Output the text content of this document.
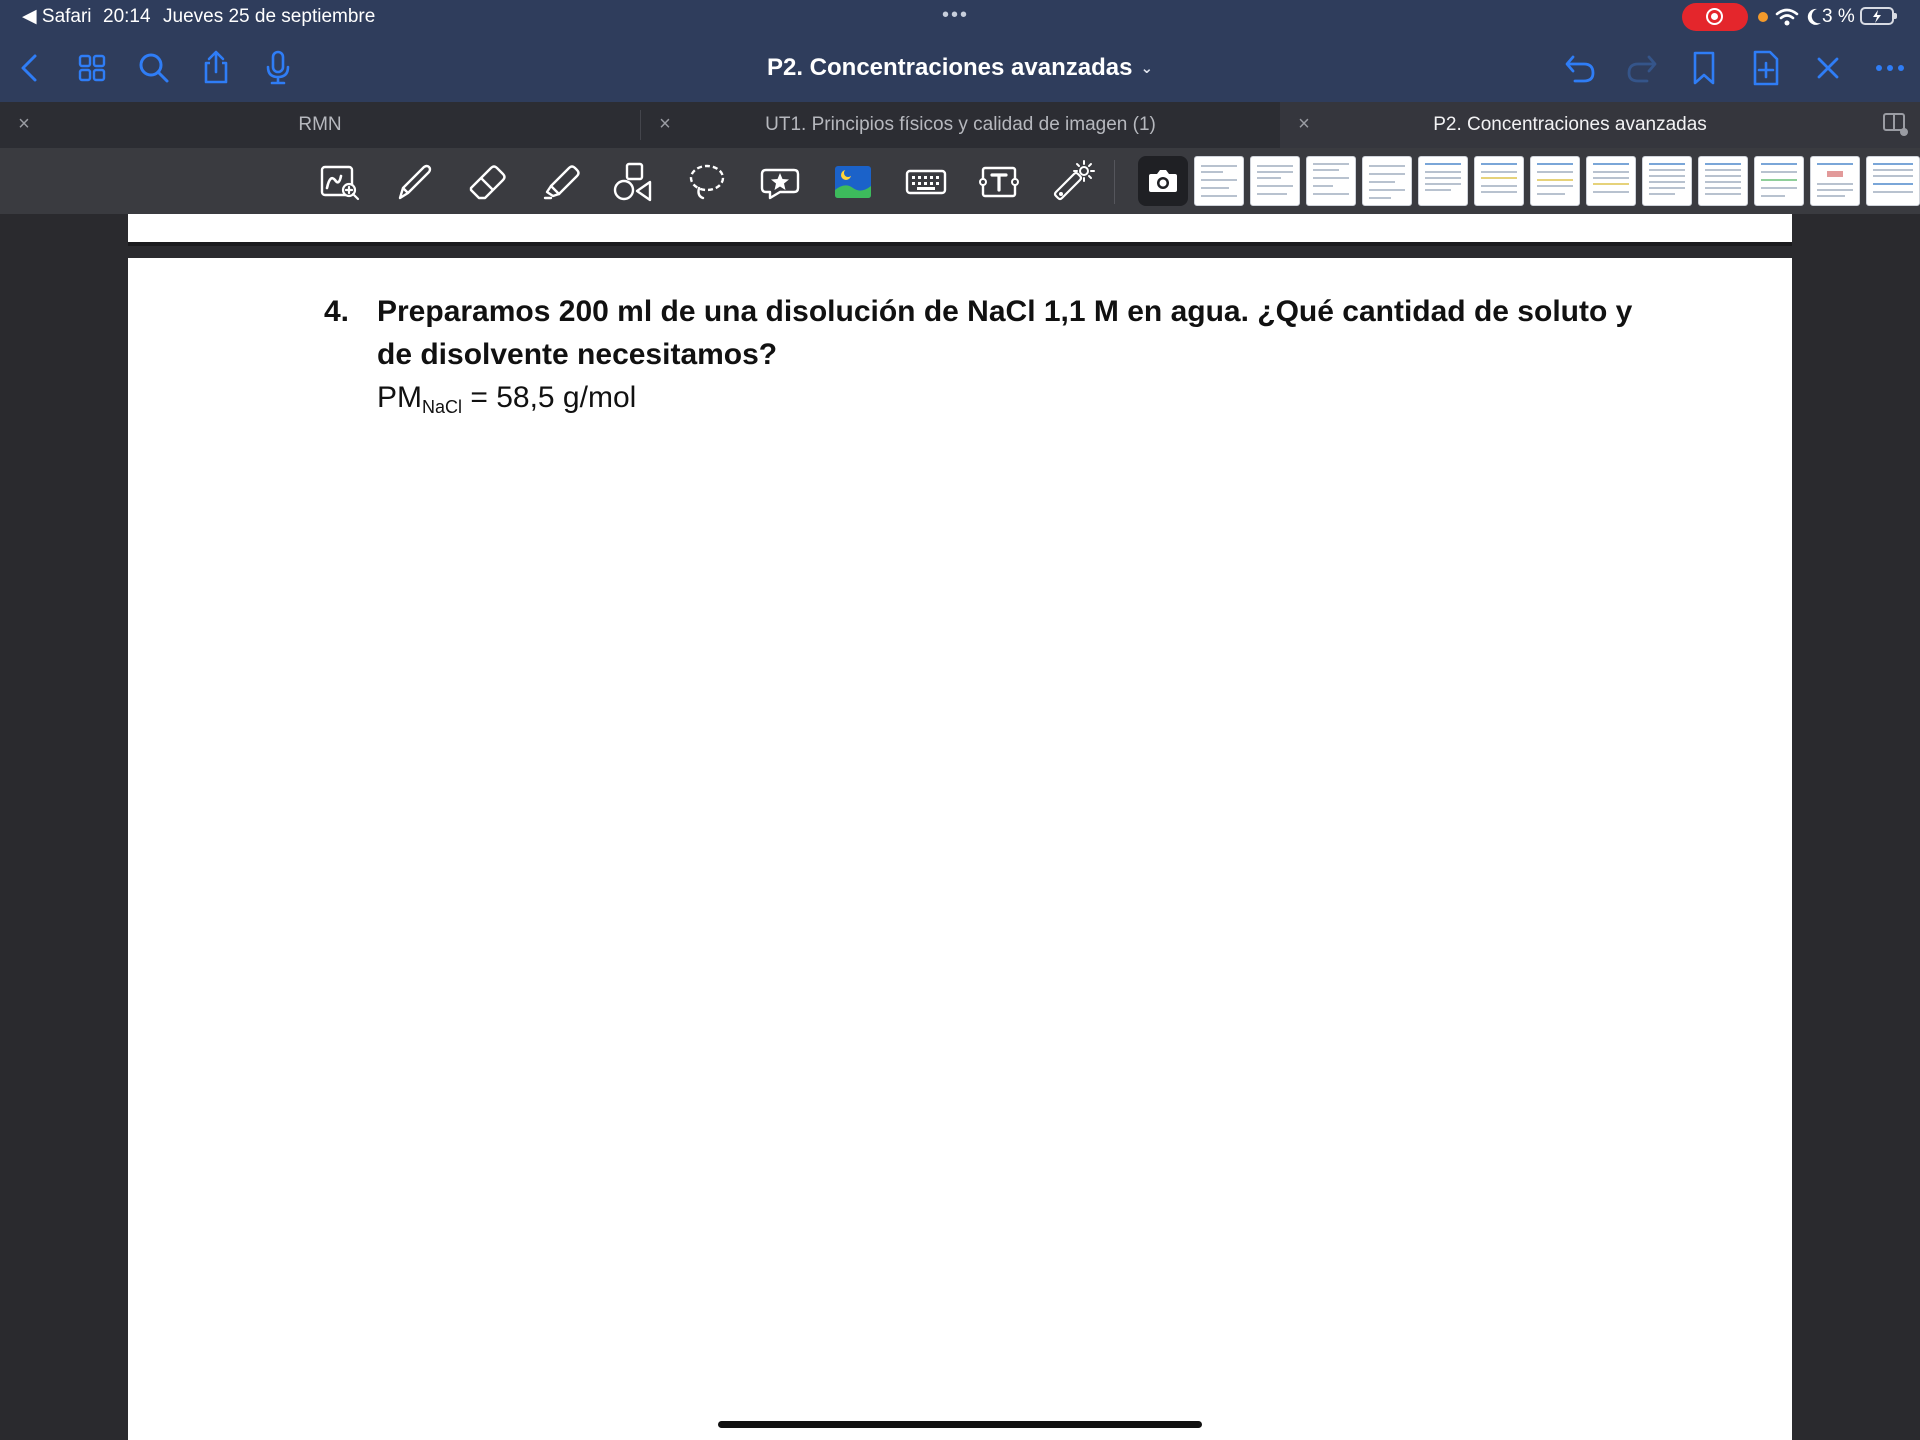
◀ Safari 20:14 Jueves 25 de septiembre	•••	3 %
P2. Concentraciones avanzadas ⌄
×	RMN	×	UT1. Principios físicos y calidad de imagen (1)	×	P2. Concentraciones avanzadas
4. Preparamos 200 ml de una disolución de NaCl 1,1 M en agua. ¿Qué cantidad de soluto y de disolvente necesitamos?
$PM_{NaCl} = 58,5$ g/mol
